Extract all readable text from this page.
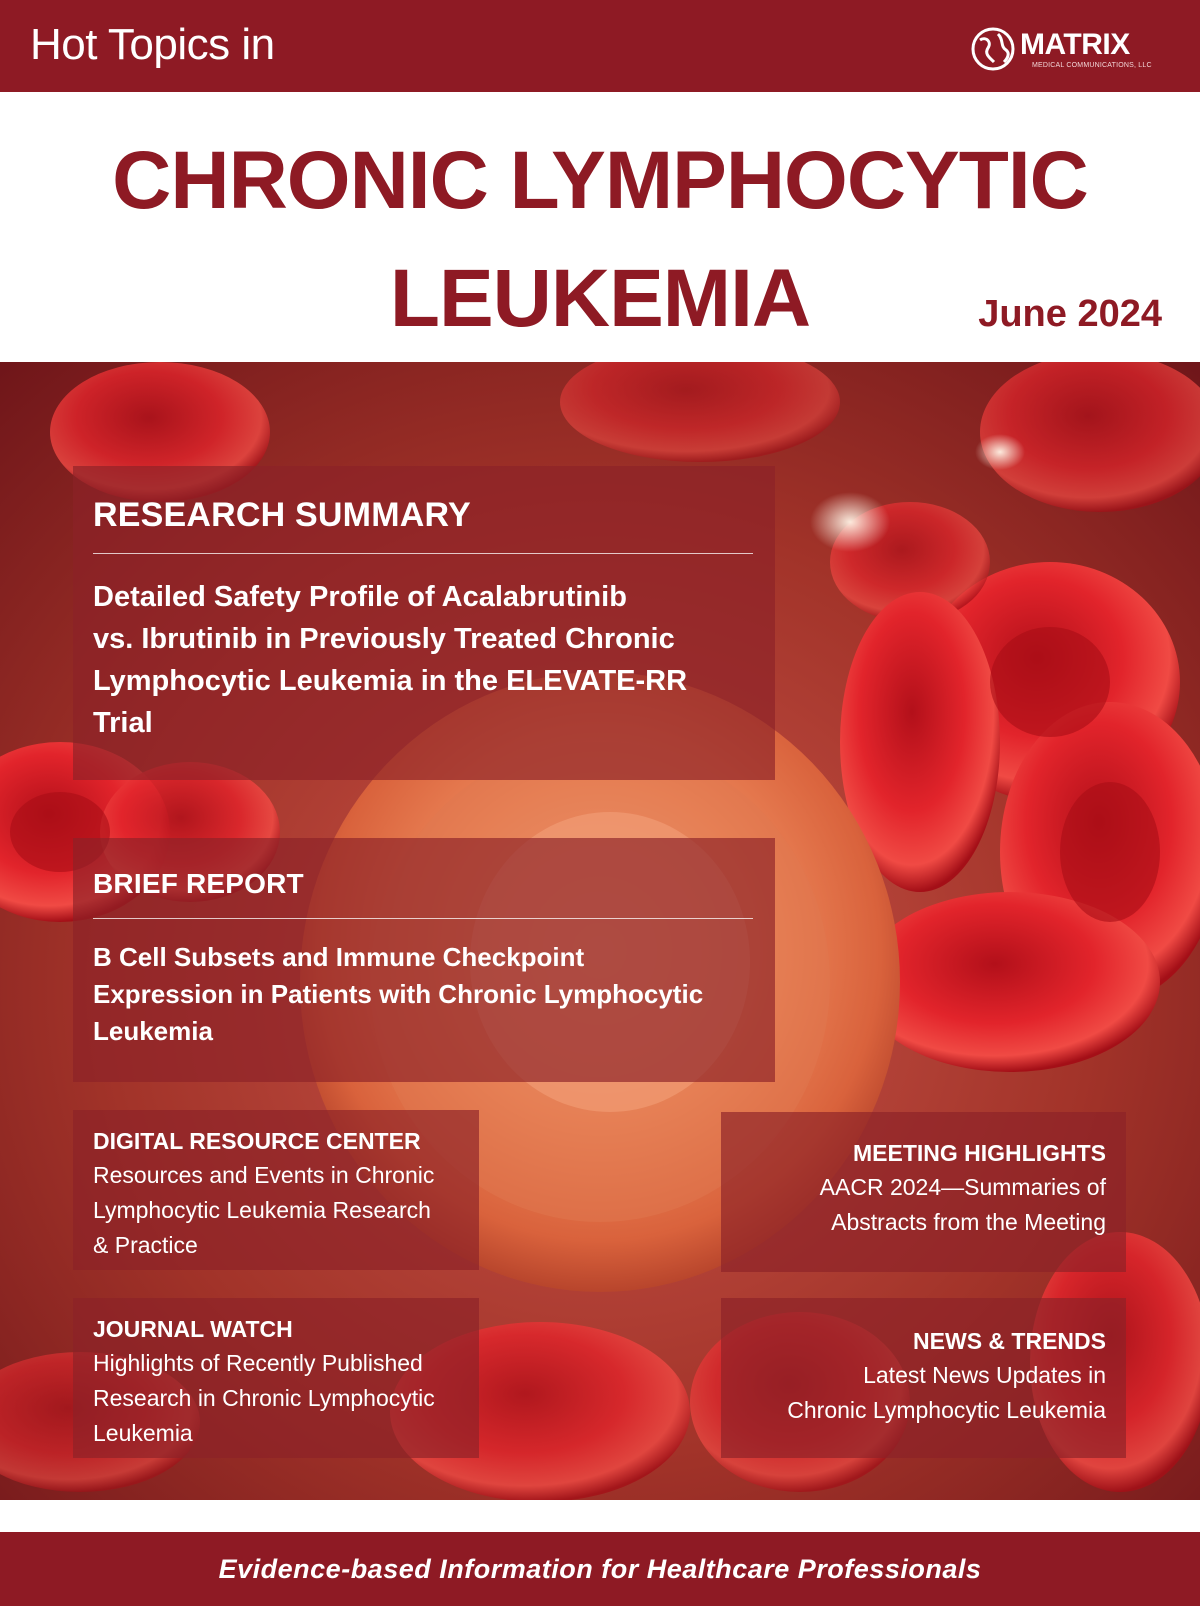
Hot Topics in	MATRIX
MEDICAL COMMUNICATIONS, LLC
CHRONIC LYMPHOCYTIC
LEUKEMIA	June 2024
RESEARCH SUMMARY
Detailed Safety Profile of Acalabrutinib
vs. Ibrutinib in Previously Treated Chronic
Lymphocytic Leukemia in the ELEVATE-RR
Trial
BRIEF REPORT
B Cell Subsets and Immune Checkpoint
Expression in Patients with Chronic Lymphocytic
Leukemia
DIGITAL RESOURCE CENTER
Resources and Events in Chronic
Lymphocytic Leukemia Research
& Practice
JOURNAL WATCH
Highlights of Recently Published
Research in Chronic Lymphocytic
Leukemia
MEETING HIGHLIGHTS
AACR 2024—Summaries of
Abstracts from the Meeting
NEWS & TRENDS
Latest News Updates in
Chronic Lymphocytic Leukemia
Evidence-based Information for Healthcare Professionals
